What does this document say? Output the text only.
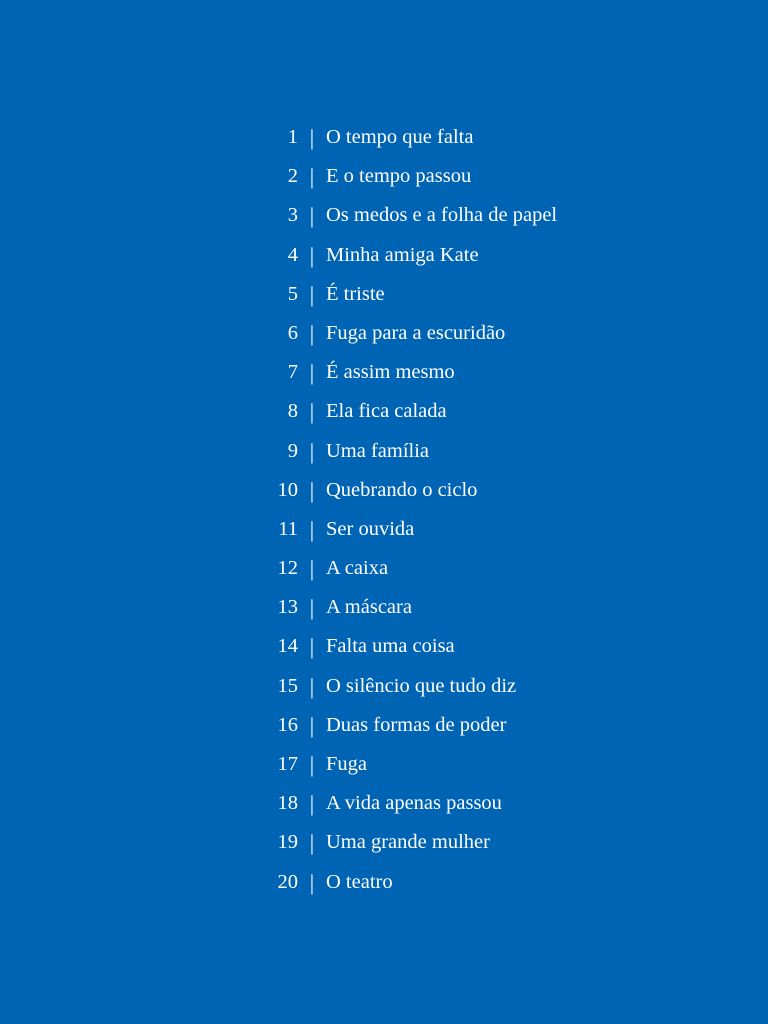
1 | O tempo que falta
2 | E o tempo passou
3 | Os medos e a folha de papel
4 | Minha amiga Kate
5 | É triste
6 | Fuga para a escuridão
7 | É assim mesmo
8 | Ela fica calada
9 | Uma família
10 | Quebrando o ciclo
11 | Ser ouvida
12 | A caixa
13 | A máscara
14 | Falta uma coisa
15 | O silêncio que tudo diz
16 | Duas formas de poder
17 | Fuga
18 | A vida apenas passou
19 | Uma grande mulher
20 | O teatro
